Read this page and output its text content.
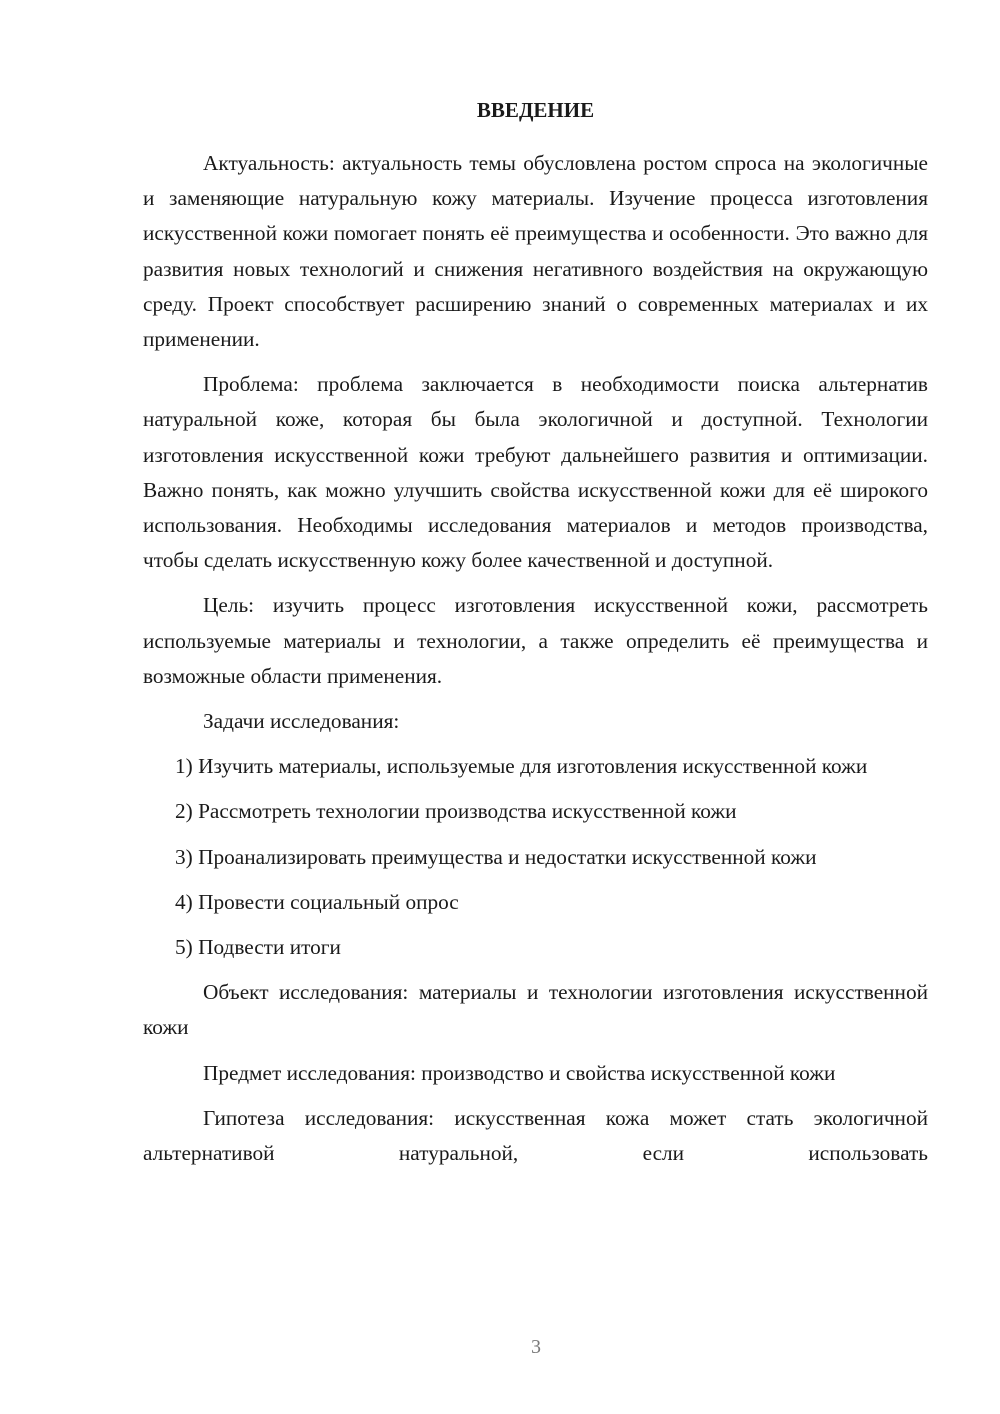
ВВЕДЕНИЕ

Актуальность: актуальность темы обусловлена ростом спроса на экологичные и заменяющие натуральную кожу материалы. Изучение процесса изготовления искусственной кожи помогает понять её преимущества и особенности. Это важно для развития новых технологий и снижения негативного воздействия на окружающую среду. Проект способствует расширению знаний о современных материалах и их применении.

Проблема: проблема заключается в необходимости поиска альтернатив натуральной коже, которая бы была экологичной и доступной. Технологии изготовления искусственной кожи требуют дальнейшего развития и оптимизации. Важно понять, как можно улучшить свойства искусственной кожи для её широкого использования. Необходимы исследования материалов и методов производства, чтобы сделать искусственную кожу более качественной и доступной.

Цель: изучить процесс изготовления искусственной кожи, рассмотреть используемые материалы и технологии, а также определить её преимущества и возможные области применения.

Задачи исследования:

1) Изучить материалы, используемые для изготовления искусственной кожи

2) Рассмотреть технологии производства искусственной кожи

3) Проанализировать преимущества и недостатки искусственной кожи

4) Провести социальный опрос

5) Подвести итоги

Объект исследования: материалы и технологии изготовления искусственной кожи

Предмет исследования: производство и свойства искусственной кожи

Гипотеза исследования: искусственная кожа может стать экологичной альтернативой натуральной, если использовать

3
